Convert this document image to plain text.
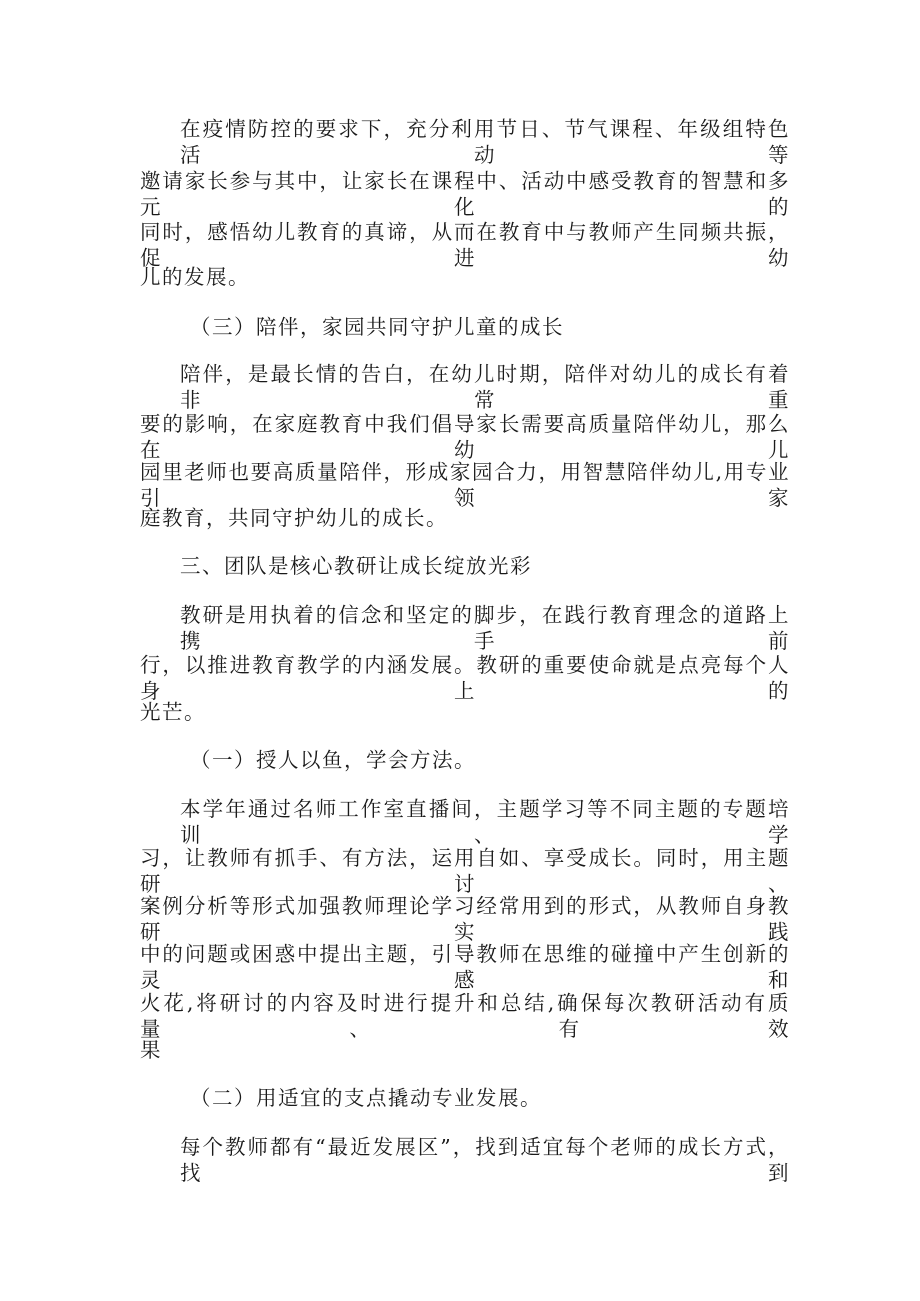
在疫情防控的要求下，充分利用节日、节气课程、年级组特色活动等
邀请家长参与其中，让家长在课程中、活动中感受教育的智慧和多元化的
同时，感悟幼儿教育的真谛，从而在教育中与教师产生同频共振，促进幼
儿的发展。
（三）陪伴，家园共同守护儿童的成长
陪伴，是最长情的告白，在幼儿时期，陪伴对幼儿的成长有着非常重
要的影响，在家庭教育中我们倡导家长需要高质量陪伴幼儿，那么在幼儿
园里老师也要高质量陪伴，形成家园合力，用智慧陪伴幼儿,用专业引领家
庭教育，共同守护幼儿的成长。
三、团队是核心教研让成长绽放光彩
教研是用执着的信念和坚定的脚步，在践行教育理念的道路上携手前
行，以推进教育教学的内涵发展。教研的重要使命就是点亮每个人身上的
光芒。
（一）授人以鱼，学会方法。
本学年通过名师工作室直播间，主题学习等不同主题的专题培训、学
习，让教师有抓手、有方法，运用自如、享受成长。同时，用主题研讨、
案例分析等形式加强教师理论学习经常用到的形式，从教师自身教研实践
中的问题或困惑中提出主题，引导教师在思维的碰撞中产生创新的灵感和
火花,将研讨的内容及时进行提升和总结,确保每次教研活动有质量、有效
果
（二）用适宜的支点撬动专业发展。
每个教师都有“最近发展区”，找到适宜每个老师的成长方式，找到
